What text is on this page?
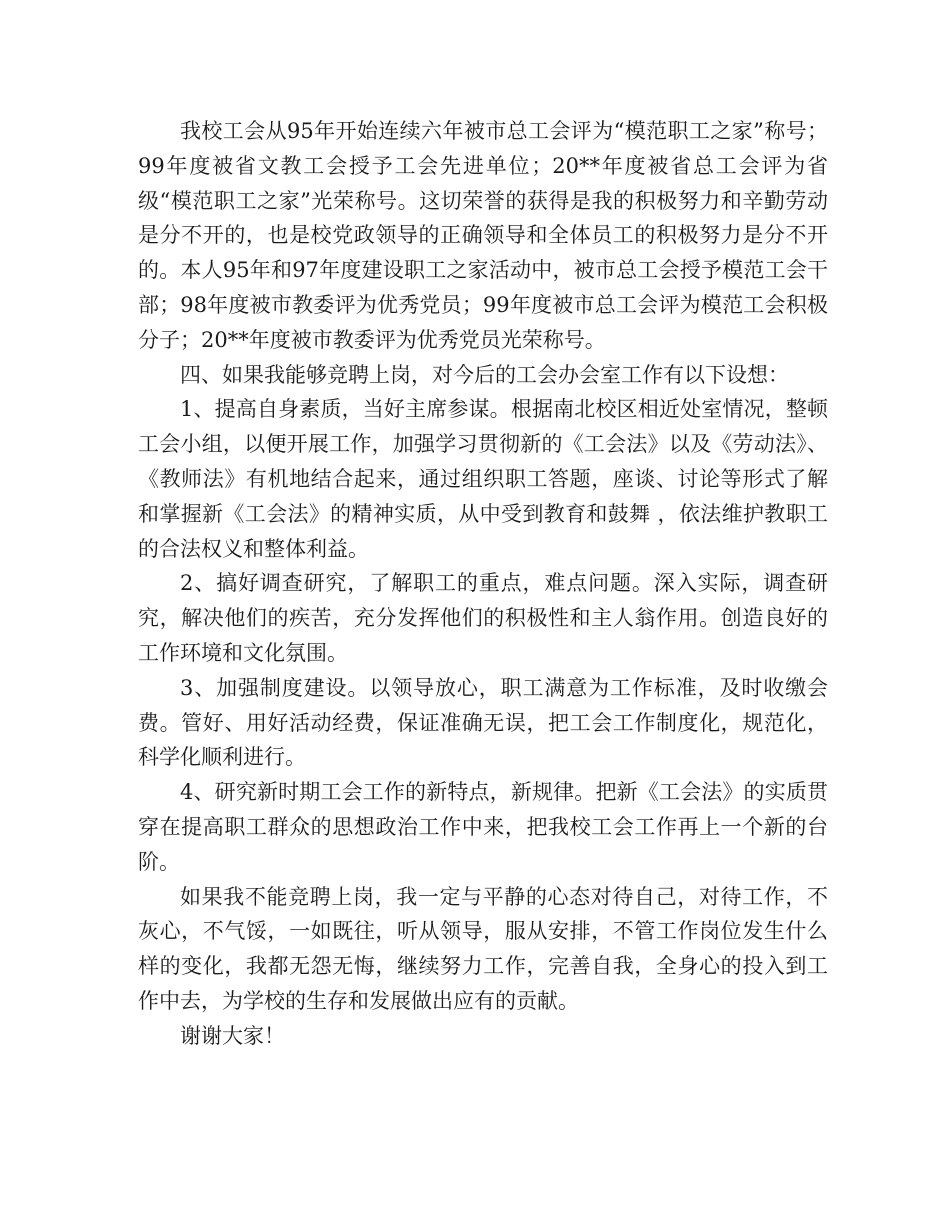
我校工会从95年开始连续六年被市总工会评为“模范职工之家”称号；99年度被省文教工会授予工会先进单位；20**年度被省总工会评为省级“模范职工之家”光荣称号。这切荣誉的获得是我的积极努力和辛勤劳动是分不开的，也是校党政领导的正确领导和全体员工的积极努力是分不开的。本人95年和97年度建设职工之家活动中，被市总工会授予模范工会干部；98年度被市教委评为优秀党员；99年度被市总工会评为模范工会积极分子；20**年度被市教委评为优秀党员光荣称号。

四、如果我能够竞聘上岗，对今后的工会办会室工作有以下设想：

1、提高自身素质，当好主席参谋。根据南北校区相近处室情况，整顿工会小组，以便开展工作，加强学习贯彻新的《工会法》以及《劳动法》、《教师法》有机地结合起来，通过组织职工答题，座谈、讨论等形式了解和掌握新《工会法》的精神实质，从中受到教育和鼓舞 ，依法维护教职工的合法权义和整体利益。

2、搞好调查研究，了解职工的重点，难点问题。深入实际，调查研究，解决他们的疾苦，充分发挥他们的积极性和主人翁作用。创造良好的工作环境和文化氛围。

3、加强制度建设。以领导放心，职工满意为工作标准，及时收缴会费。管好、用好活动经费，保证准确无误，把工会工作制度化，规范化，科学化顺利进行。

4、研究新时期工会工作的新特点，新规律。把新《工会法》的实质贯穿在提高职工群众的思想政治工作中来，把我校工会工作再上一个新的台阶。

如果我不能竞聘上岗，我一定与平静的心态对待自己，对待工作，不灰心，不气馁，一如既往，听从领导，服从安排，不管工作岗位发生什么样的变化，我都无怨无悔，继续努力工作，完善自我，全身心的投入到工作中去，为学校的生存和发展做出应有的贡献。

谢谢大家！
